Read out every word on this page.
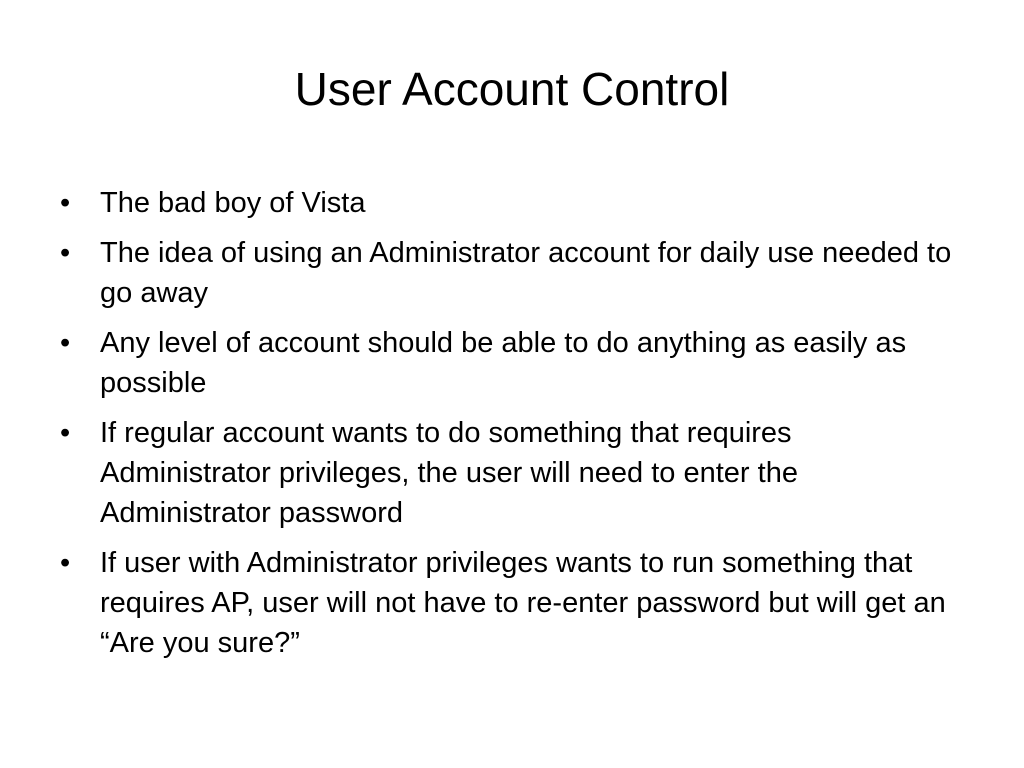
User Account Control
•	The bad boy of Vista
•	The idea of using an Administrator account for daily use needed to go away
•	Any level of account should be able to do anything as easily as possible
•	If regular account wants to do something that requires Administrator privileges, the user will need to enter the Administrator password
•	If user with Administrator privileges wants to run something that requires AP, user will not have to re-enter password but will get an “Are you sure?”
